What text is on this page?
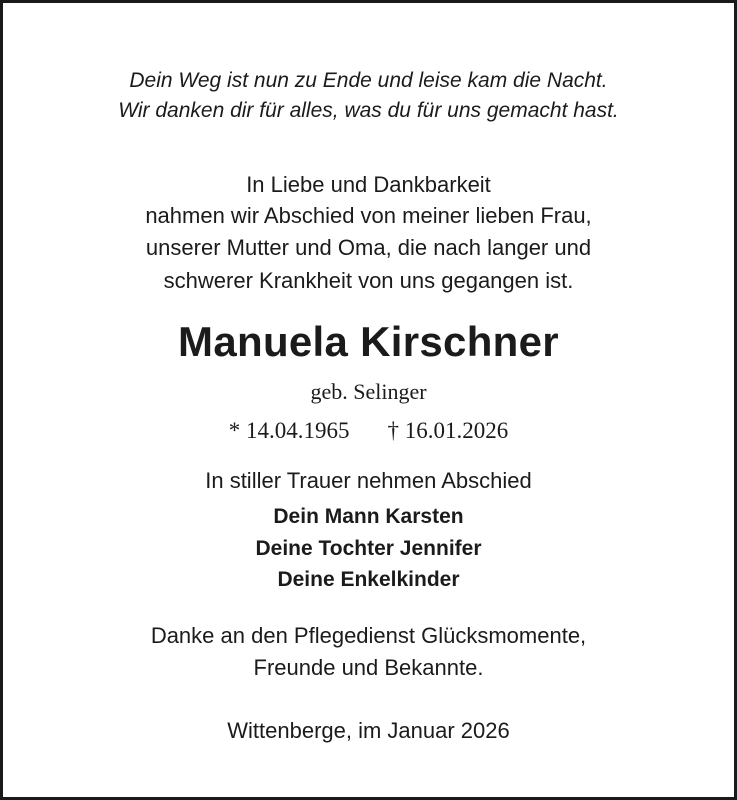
Dein Weg ist nun zu Ende und leise kam die Nacht.
Wir danken dir für alles, was du für uns gemacht hast.
In Liebe und Dankbarkeit
nahmen wir Abschied von meiner lieben Frau,
unserer Mutter und Oma, die nach langer und
schwerer Krankheit von uns gegangen ist.
Manuela Kirschner
geb. Selinger
* 14.04.1965 † 16.01.2026
In stiller Trauer nehmen Abschied
Dein Mann Karsten
Deine Tochter Jennifer
Deine Enkelkinder
Danke an den Pflegedienst Glücksmomente,
Freunde und Bekannte.
Wittenberge, im Januar 2026
